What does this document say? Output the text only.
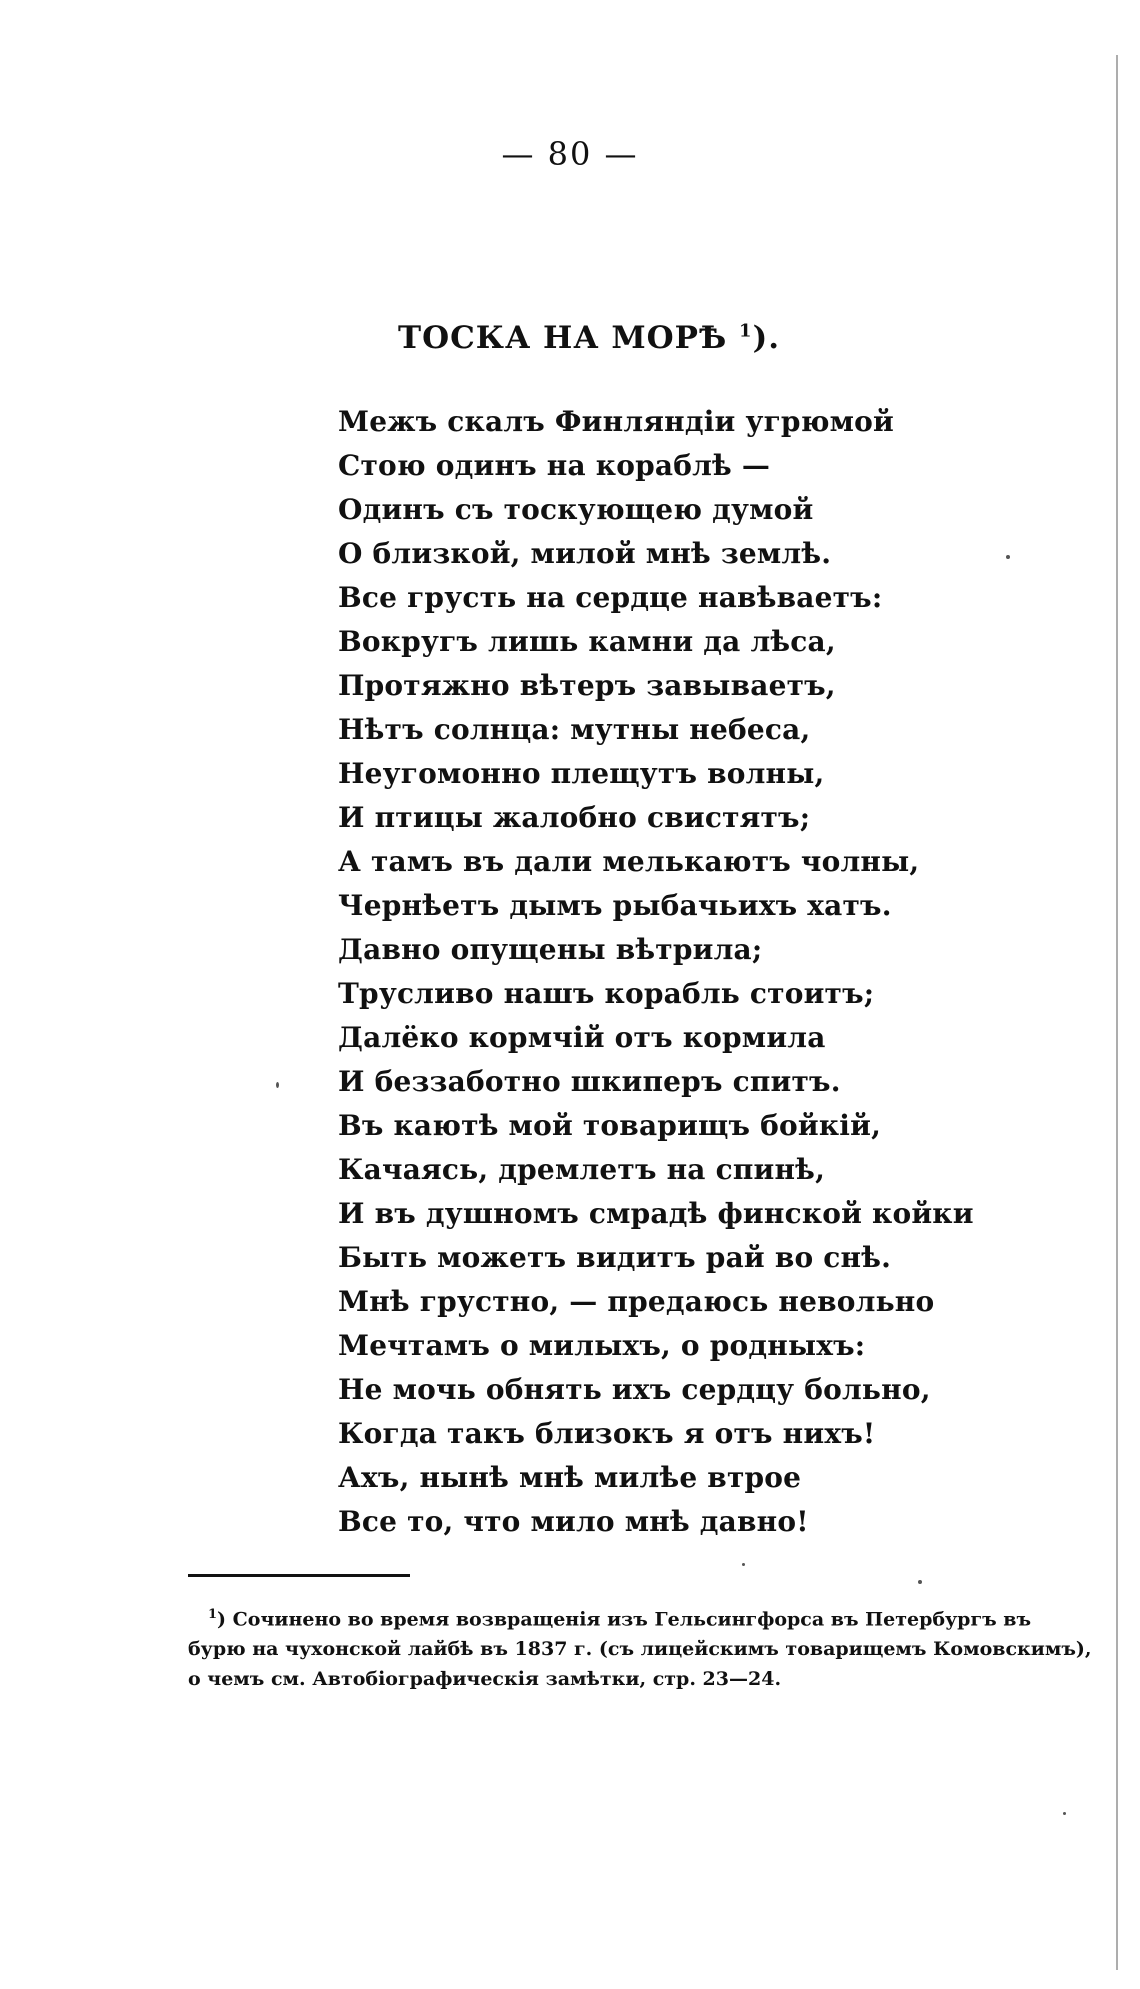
— 80 —
ТОСКА НА МОРѢ $^1$).
Межъ скалъ Финляндіи угрюмой
Стою одинъ на кораблѣ —
Одинъ съ тоскующею думой
О близкой, милой мнѣ землѣ.
Все грусть на сердце навѣваетъ:
Вокругъ лишь камни да лѣса,
Протяжно вѣтеръ завываетъ,
Нѣтъ солнца: мутны небеса,
Неугомонно плещутъ волны,
И птицы жалобно свистятъ;
А тамъ въ дали мелькаютъ чолны,
Чернѣетъ дымъ рыбачьихъ хатъ.
Давно опущены вѣтрила;
Трусливо нашъ корабль стоитъ;
Далёко кормчій отъ кормила
И беззаботно шкиперъ спитъ.
Въ каютѣ мой товарищъ бойкій,
Качаясь, дремлетъ на спинѣ,
И въ душномъ смрадѣ финской койки
Быть можетъ видитъ рай во снѣ.
Мнѣ грустно, — предаюсь невольно
Мечтамъ о милыхъ, о родныхъ:
Не мочь обнять ихъ сердцу больно,
Когда такъ близокъ я отъ нихъ!
Ахъ, нынѣ мнѣ милѣе втрое
Все то, что мило мнѣ давно!
$^1$) Сочинено во время возвращенія изъ Гельсингфорса въ Петербургъ въ
бурю на чухонской лайбѣ въ 1837 г. (съ лицейскимъ товарищемъ Комовскимъ),
о чемъ см. Автобіографическія замѣтки, стр. 23—24.
